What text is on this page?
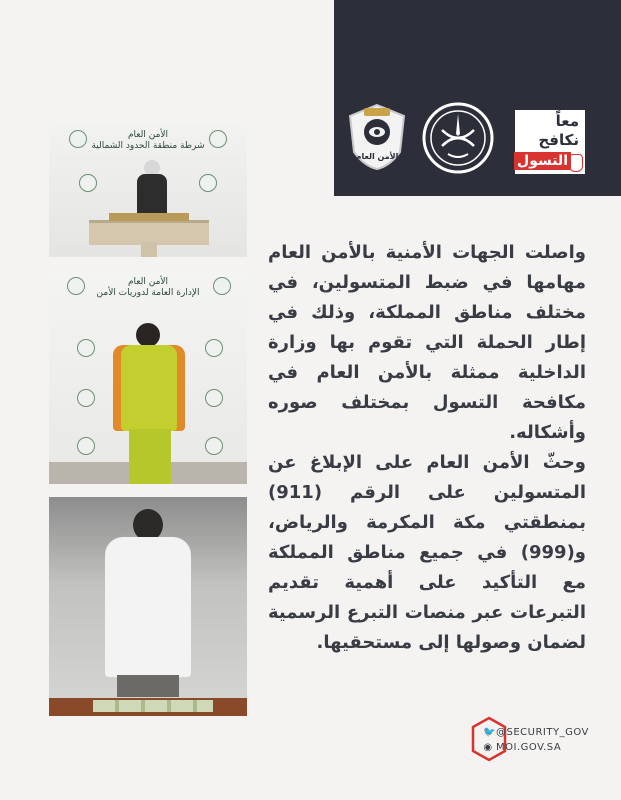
الأمن العام
شرطة منطقة الحدود الشمالية
الأمن العام
الإدارة العامة لدوريات الأمن
الأمن العام
معاً
نكافح
التسول

واصلت الجهات الأمنية بالأمن العام مهامها في ضبط المتسولين، في مختلف مناطق المملكة، وذلك في إطار الحملة التي تقوم بها وزارة الداخلية ممثلة بالأمن العام في مكافحة التسول بمختلف صوره وأشكاله.

وحثّ الأمن العام على الإبلاغ عن المتسولين على الرقم (911) بمنطقتي مكة المكرمة والرياض، و(999) في جميع مناطق المملكة مع التأكيد على أهمية تقديم التبرعات عبر منصات التبرع الرسمية لضمان وصولها إلى مستحقيها.

🐦@SECURITY_GOV
◉ MOI.GOV.SA
